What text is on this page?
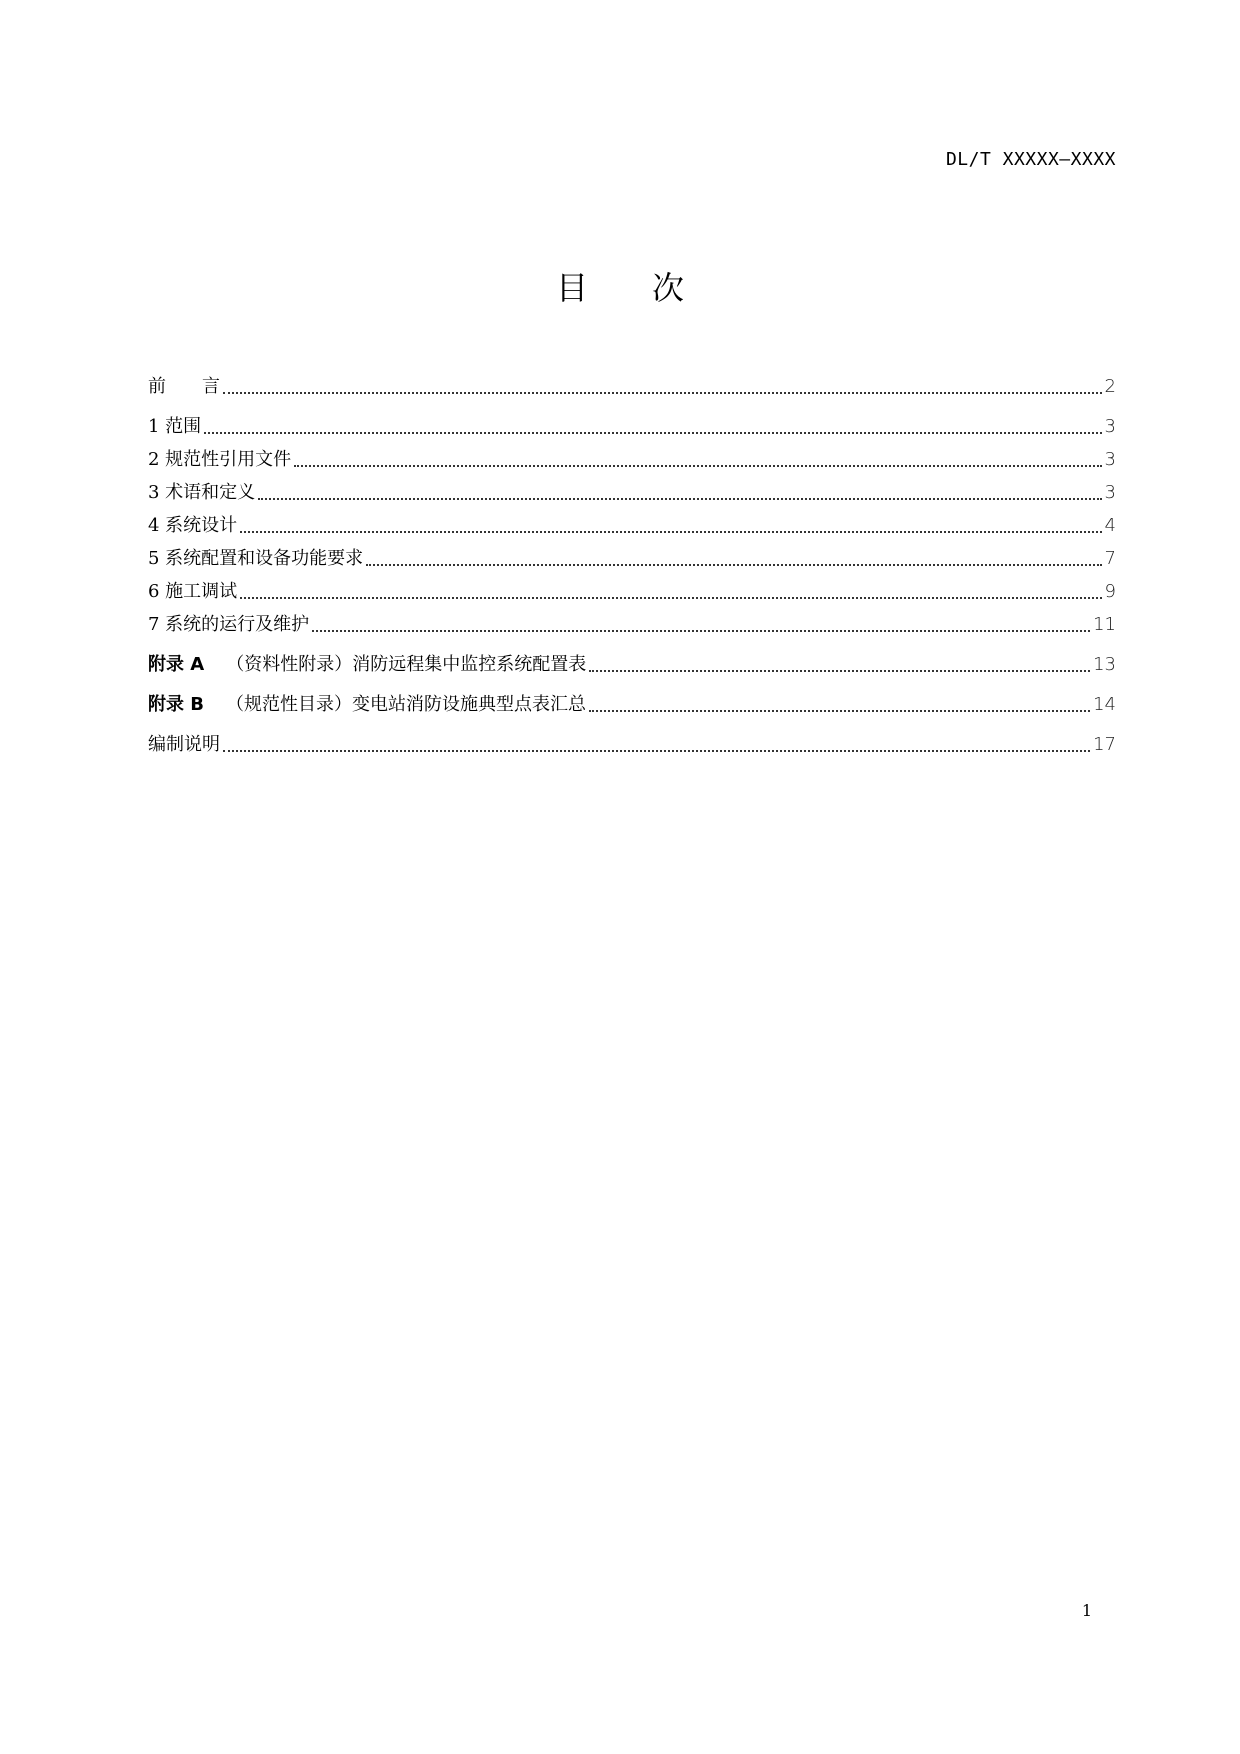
DL/T XXXXX—XXXX
目　　次
前　　言	2
1 范围	3
2 规范性引用文件	3
3 术语和定义	3
4 系统设计	4
5 系统配置和设备功能要求	7
6 施工调试	9
7 系统的运行及维护	11
附录 A （资料性附录）消防远程集中监控系统配置表	13
附录 B （规范性目录）变电站消防设施典型点表汇总	14
编制说明	17
1
